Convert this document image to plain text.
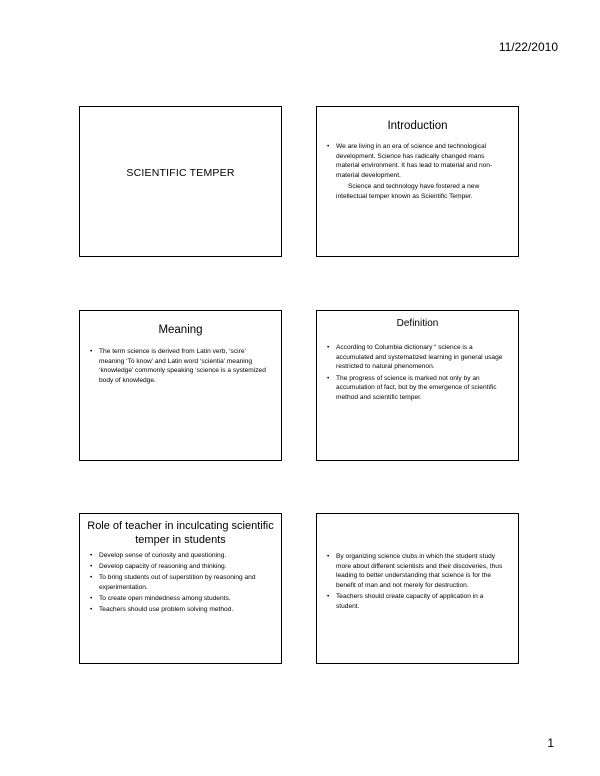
11/22/2010
SCIENTIFIC TEMPER
Introduction
• We are living in an era of science and technological development. Science has radically changed mans material environment. It has lead to material and non-material development.

Science and technology have fostered a new intellectual temper known as Scientific Temper.

Meaning
• The term science is derived from Latin verb, ‘scire’ meaning ‘To know’ and Latin word ‘scientia’ meaning ‘knowledge’ commonly speaking ‘science is a systemized body of knowledge.
Definition
• According to Columbia dictionary “ science is a accumulated and systematized learning in general usage restricted to natural phenomenon.
• The progress of science is marked not only by an accumulation of fact, but by the emergence of scientific method and scientific temper.
Role of teacher in inculcating scientific temper in students
• Develop sense of curiosity and questioning.
• Develop capacity of reasoning and thinking.
• To bring students out of superstition by reasoning and experimentation.
• To create open mindedness among students.
• Teachers should use problem solving method.
• By organizing science clubs in which the student study more about different scientists and their discoveries, thus leading to better understanding that science is for the benefit of man and not merely for destruction.
• Teachers should create capacity of application in a student.
1
